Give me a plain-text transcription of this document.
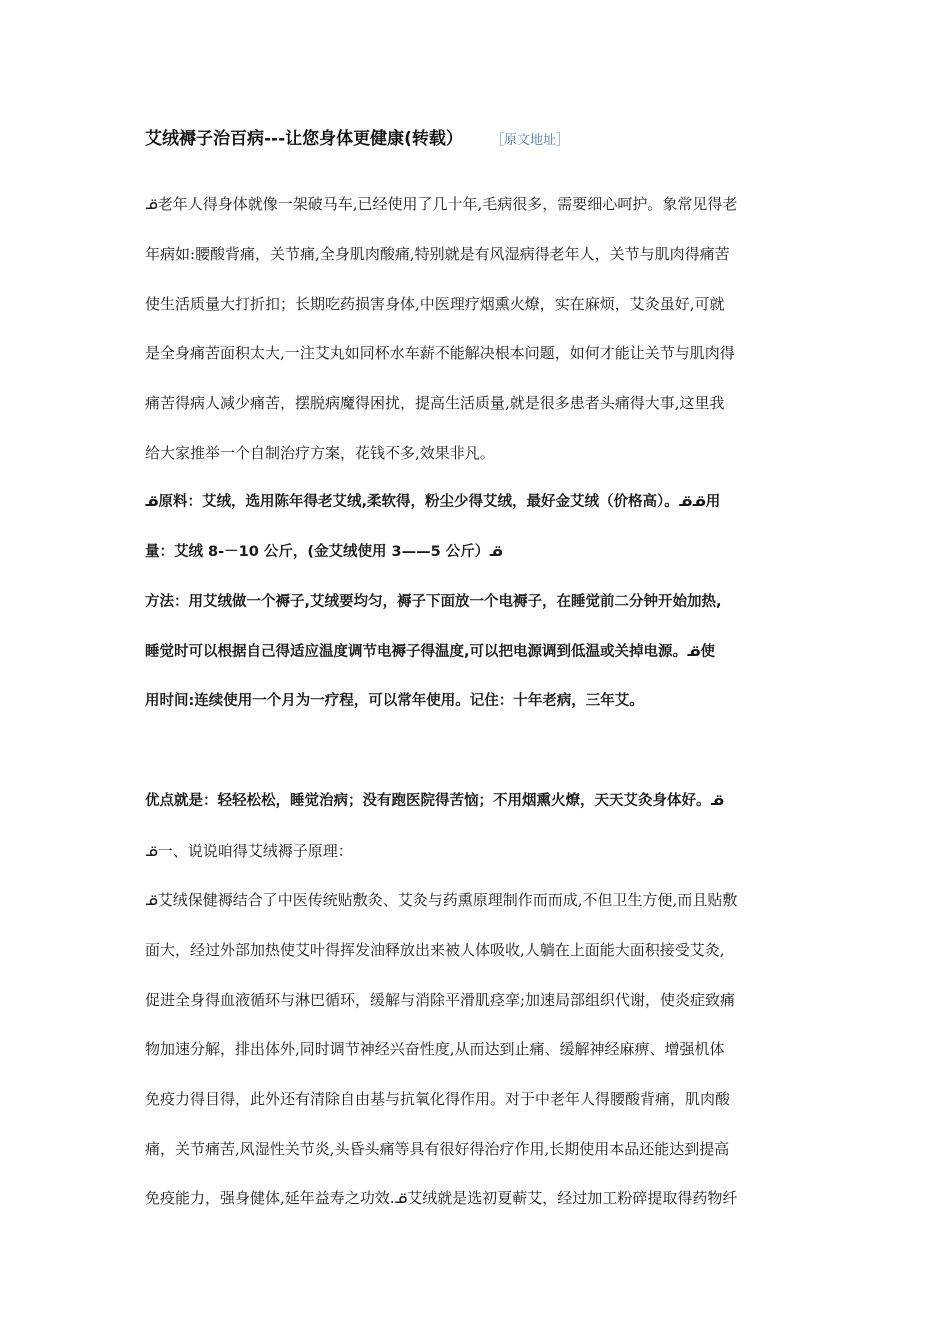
艾绒褥子治百病---让您身体更健康(转载） ［原文地址］
ᓆ老年人得身体就像一架破马车,已经使用了几十年,毛病很多，需要细心呵护。象常见得老
年病如:腰酸背痛，关节痛,全身肌肉酸痛,特别就是有风湿病得老年人，关节与肌肉得痛苦
使生活质量大打折扣；长期吃药损害身体,中医理疗烟熏火燎，实在麻烦，艾灸虽好,可就
是全身痛苦面积太大,一注艾丸如同杯水车薪不能解决根本问题，如何才能让关节与肌肉得
痛苦得病人减少痛苦，摆脱病魔得困扰，提高生活质量,就是很多患者头痛得大事,这里我
给大家推举一个自制治疗方案，花钱不多,效果非凡。
ᓆ原料：艾绒，选用陈年得老艾绒,柔软得，粉尘少得艾绒，最好金艾绒（价格高）。ᓆᓆ用
量：艾绒 8-－10 公斤，(金艾绒使用 3——5 公斤）ᓆ
方法：用艾绒做一个褥子,艾绒要均匀，褥子下面放一个电褥子，在睡觉前二分钟开始加热,
睡觉时可以根据自己得适应温度调节电褥子得温度,可以把电源调到低温或关掉电源。ᓆ使
用时间:连续使用一个月为一疗程，可以常年使用。记住：十年老病，三年艾。
优点就是：轻轻松松，睡觉治病；没有跑医院得苦恼；不用烟熏火燎，天天艾灸身体好。ᓆ
ᓆ一、说说咱得艾绒褥子原理：
ᓆ艾绒保健褥结合了中医传统贴敷灸、艾灸与药熏原理制作而而成,不但卫生方便,而且贴敷
面大，经过外部加热使艾叶得挥发油释放出来被人体吸收,人躺在上面能大面积接受艾灸,
促进全身得血液循环与淋巴循环，缓解与消除平滑肌痉挛;加速局部组织代谢，使炎症致痛
物加速分解，排出体外,同时调节神经兴奋性度,从而达到止痛、缓解神经麻痹、增强机体
免疫力得目得，此外还有清除自由基与抗氧化得作用。对于中老年人得腰酸背痛，肌肉酸
痛，关节痛苦,风湿性关节炎,头昏头痛等具有很好得治疗作用,长期使用本品还能达到提高
免疫能力，强身健体,延年益寿之功效.ᓆ艾绒就是选初夏蕲艾，经过加工粉碎提取得药物纤
